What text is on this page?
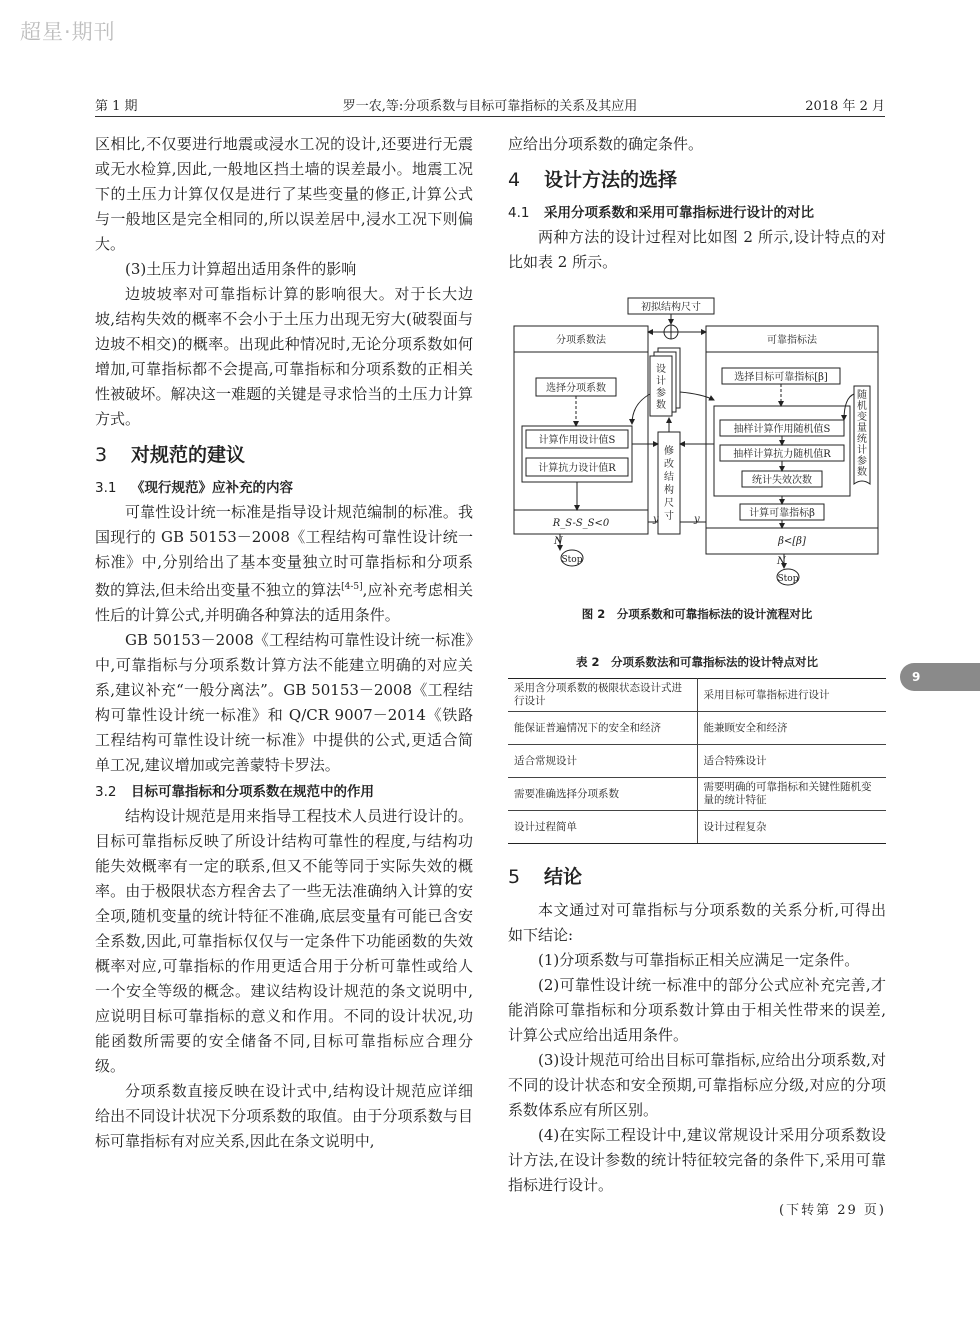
超星·期刊
第 1 期	罗一农,等:分项系数与目标可靠指标的关系及其应用	2018 年 2 月
9

区相比,不仅要进行地震或浸水工况的设计,还要进行无震或无水检算,因此,一般地区挡土墙的误差最小。地震工况下的土压力计算仅仅是进行了某些变量的修正,计算公式与一般地区是完全相同的,所以误差居中,浸水工况下则偏大。

(3)土压力计算超出适用条件的影响

边坡坡率对可靠指标计算的影响很大。对于长大边坡,结构失效的概率不会小于土压力出现无穷大(破裂面与边坡不相交)的概率。出现此种情况时,无论分项系数如何增加,可靠指标都不会提高,可靠指标和分项系数的正相关性被破坏。解决这一难题的关键是寻求恰当的土压力计算方式。

3 对规范的建议
3.1 《现行规范》应补充的内容

可靠性设计统一标准是指导设计规范编制的标准。我国现行的 GB 50153－2008《工程结构可靠性设计统一标准》中,分别给出了基本变量独立时可靠指标和分项系数的算法,但未给出变量不独立的算法[4-5],应补充考虑相关性后的计算公式,并明确各种算法的适用条件。

GB 50153－2008《工程结构可靠性设计统一标准》中,可靠指标与分项系数计算方法不能建立明确的对应关系,建议补充“一般分离法”。GB 50153－2008《工程结构可靠性设计统一标准》和 Q/CR 9007－2014《铁路工程结构可靠性设计统一标准》中提供的公式,更适合简单工况,建议增加或完善蒙特卡罗法。

3.2 目标可靠指标和分项系数在规范中的作用

结构设计规范是用来指导工程技术人员进行设计的。目标可靠指标反映了所设计结构可靠性的程度,与结构功能失效概率有一定的联系,但又不能等同于实际失效的概率。由于极限状态方程舍去了一些无法准确纳入计算的安全项,随机变量的统计特征不准确,底层变量有可能已含安全系数,因此,可靠指标仅仅与一定条件下功能函数的失效概率对应,可靠指标的作用更适合用于分析可靠性或给人一个安全等级的概念。建议结构设计规范的条文说明中,应说明目标可靠指标的意义和作用。不同的设计状况,功能函数所需要的安全储备不同,目标可靠指标应合理分级。

分项系数直接反映在设计式中,结构设计规范应详细给出不同设计状况下分项系数的取值。由于分项系数与目标可靠指标有对应关系,因此在条文说明中,

应给出分项系数的确定条件。

4 设计方法的选择
4.1 采用分项系数和采用可靠指标进行设计的对比

两种方法的设计过程对比如图 2 所示,设计特点的对比如表 2 所示。

初拟结构尺寸
分项系数法
选择分项系数
计算作用设计值S
计算抗力设计值R
R_S-S_S<0	y
N
Stop
设计参数
修改结构尺寸
可靠指标法
选择目标可靠指标[β]
抽样计算作用随机值S
抽样计算抗力随机值R
统计失效次数
计算可靠指标β
β<[β]
y
N
Stop
随机变量统计参数
图 2　分项系数和可靠指标法的设计流程对比
表 2　分项系数法和可靠指标法的设计特点对比
采用含分项系数的极限状态设计式进行设计	采用目标可靠指标进行设计
能保证普遍情况下的安全和经济	能兼顾安全和经济
适合常规设计	适合特殊设计
需要准确选择分项系数	需要明确的可靠指标和关键性随机变量的统计特征
设计过程简单	设计过程复杂
5 结论

本文通过对可靠指标与分项系数的关系分析,可得出如下结论:

(1)分项系数与可靠指标正相关应满足一定条件。

(2)可靠性设计统一标准中的部分公式应补充完善,才能消除可靠指标和分项系数计算由于相关性带来的误差,计算公式应给出适用条件。

(3)设计规范可给出目标可靠指标,应给出分项系数,对不同的设计状态和安全预期,可靠指标应分级,对应的分项系数体系应有所区别。

(4)在实际工程设计中,建议常规设计采用分项系数设计方法,在设计参数的统计特征较完备的条件下,采用可靠指标进行设计。

(下转第 29 页)
